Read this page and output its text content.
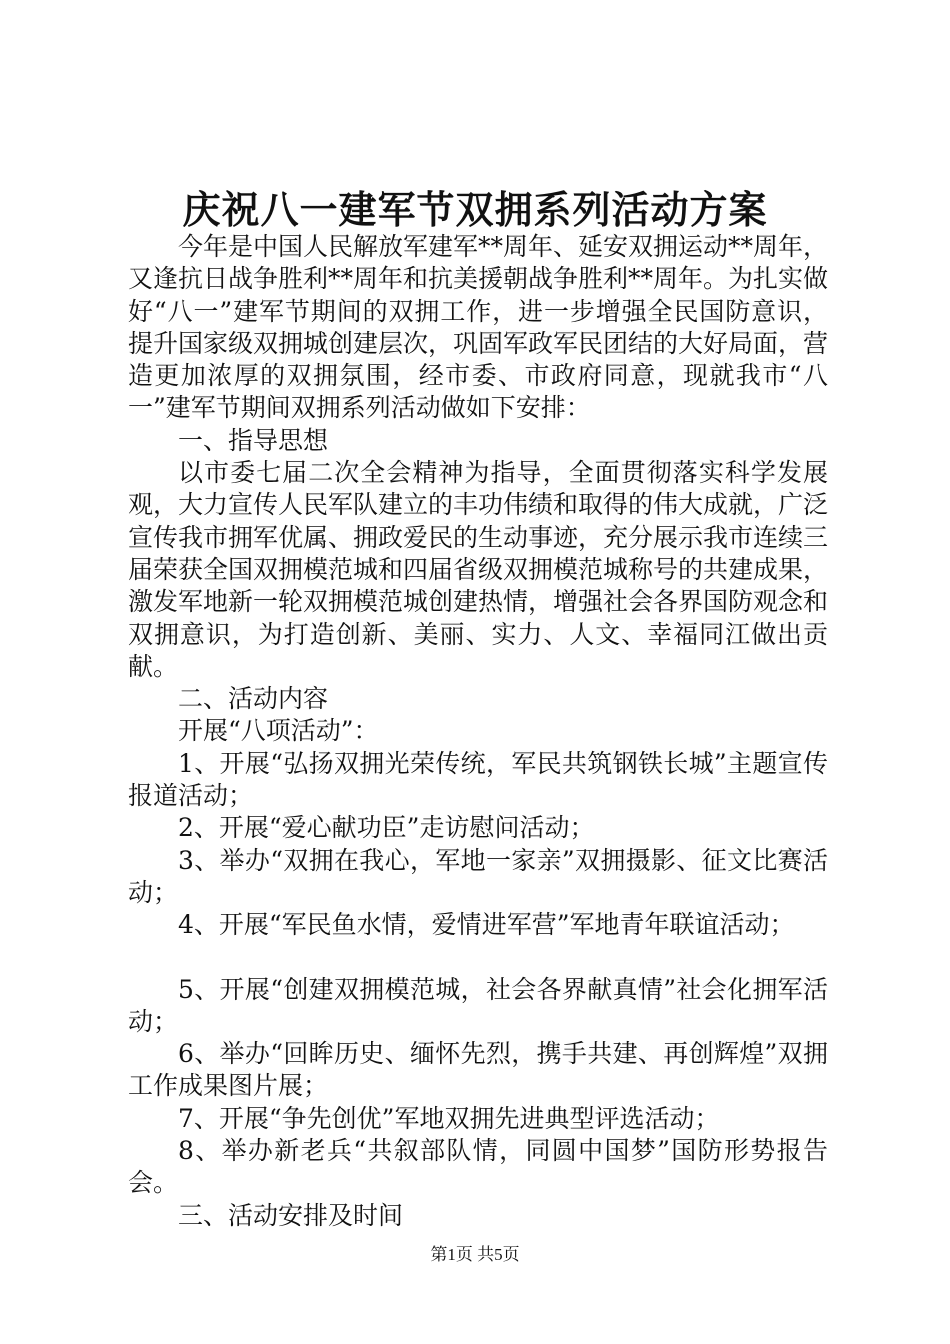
庆祝八一建军节双拥系列活动方案

今年是中国人民解放军建军**周年、延安双拥运动**周年，又逢抗日战争胜利**周年和抗美援朝战争胜利**周年。为扎实做好“八一”建军节期间的双拥工作，进一步增强全民国防意识，提升国家级双拥城创建层次，巩固军政军民团结的大好局面，营造更加浓厚的双拥氛围，经市委、市政府同意，现就我市“八一”建军节期间双拥系列活动做如下安排：

一、指导思想

以市委七届二次全会精神为指导，全面贯彻落实科学发展观，大力宣传人民军队建立的丰功伟绩和取得的伟大成就，广泛宣传我市拥军优属、拥政爱民的生动事迹，充分展示我市连续三届荣获全国双拥模范城和四届省级双拥模范城称号的共建成果，激发军地新一轮双拥模范城创建热情，增强社会各界国防观念和双拥意识，为打造创新、美丽、实力、人文、幸福同江做出贡献。

二、活动内容

开展“八项活动”：

1、开展“弘扬双拥光荣传统，军民共筑钢铁长城”主题宣传报道活动；

2、开展“爱心献功臣”走访慰问活动；

3、举办“双拥在我心，军地一家亲”双拥摄影、征文比赛活动；

4、开展“军民鱼水情，爱情进军营”军地青年联谊活动；

5、开展“创建双拥模范城，社会各界献真情”社会化拥军活动；

6、举办“回眸历史、缅怀先烈，携手共建、再创辉煌”双拥工作成果图片展；

7、开展“争先创优”军地双拥先进典型评选活动；

8、举办新老兵“共叙部队情，同圆中国梦”国防形势报告会。

三、活动安排及时间

第1页 共5页
